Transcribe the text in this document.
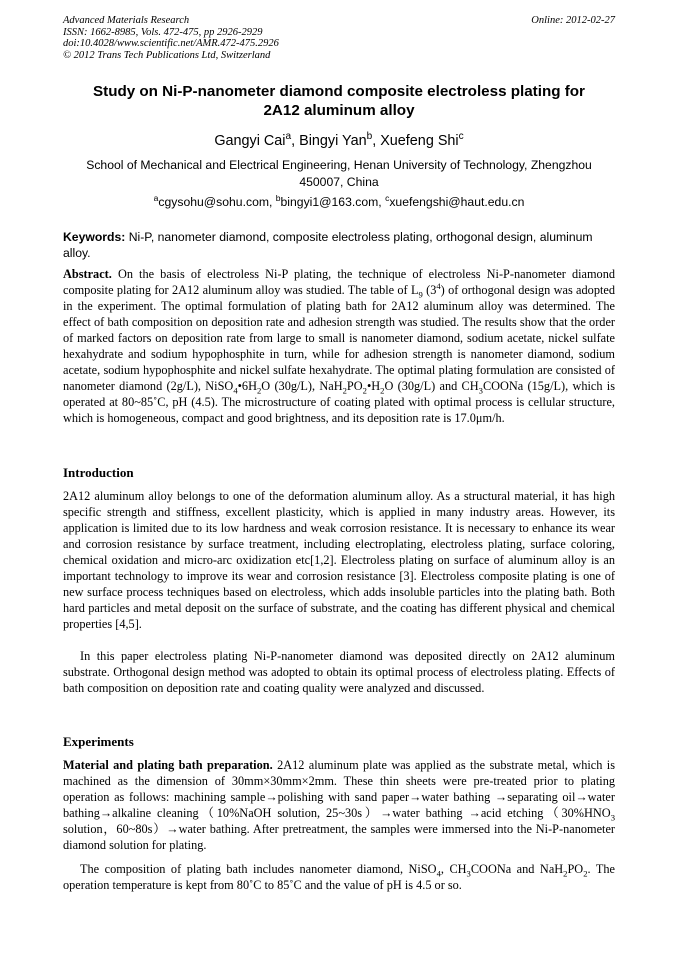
Advanced Materials Research
ISSN: 1662-8985, Vols. 472-475, pp 2926-2929
doi:10.4028/www.scientific.net/AMR.472-475.2926
© 2012 Trans Tech Publications Ltd, Switzerland
Online: 2012-02-27
Study on Ni-P-nanometer diamond composite electroless plating for
2A12 aluminum alloy
Gangyi Cai$^a$, Bingyi Yan$^b$, Xuefeng Shi$^c$
School of Mechanical and Electrical Engineering, Henan University of Technology, Zhengzhou 450007, China
$^a$cgysohu@sohu.com, $^b$bingyi1@163.com, $^c$xuefengshi@haut.edu.cn
Keywords: Ni-P, nanometer diamond, composite electroless plating, orthogonal design, aluminum alloy.
Abstract. On the basis of electroless Ni-P plating, the technique of electroless Ni-P-nanometer diamond composite plating for 2A12 aluminum alloy was studied. The table of $L_9$ $(3^4)$ of orthogonal design was adopted in the experiment. The optimal formulation of plating bath for 2A12 aluminum alloy was determined. The effect of bath composition on deposition rate and adhesion strength was studied. The results show that the order of marked factors on deposition rate from large to small is nanometer diamond, sodium acetate, nickel sulfate hexahydrate and sodium hypophosphite in turn, while for adhesion strength is nanometer diamond, sodium acetate, sodium hypophosphite and nickel sulfate hexahydrate. The optimal plating formulation are consisted of nanometer diamond (2g/L), $NiSO_4•6H_2O$ (30g/L), $NaH_2PO_2•H_2O$ (30g/L) and $CH_3COONa$ (15g/L), which is operated at 80~85˚C, pH (4.5). The microstructure of coating plated with optimal process is cellular structure, which is homogeneous, compact and good brightness, and its deposition rate is 17.0μm/h.
Introduction
2A12 aluminum alloy belongs to one of the deformation aluminum alloy. As a structural material, it has high specific strength and stiffness, excellent plasticity, which is applied in many industry areas. However, its application is limited due to its low hardness and weak corrosion resistance. It is necessary to enhance its wear and corrosion resistance by surface treatment, including electroplating, electroless plating, surface coloring, chemical oxidation and micro-arc oxidization etc[1,2]. Electroless plating on surface of aluminum alloy is an important technology to improve its wear and corrosion resistance [3]. Electroless composite plating is one of new surface process techniques based on electroless, which adds insoluble particles into the plating bath. Both hard particles and metal deposit on the surface of substrate, and the coating has different physical and chemical properties [4,5].
In this paper electroless plating Ni-P-nanometer diamond was deposited directly on 2A12 aluminum substrate. Orthogonal design method was adopted to obtain its optimal process of electroless plating. Effects of bath composition on deposition rate and coating quality were analyzed and discussed.
Experiments
Material and plating bath preparation. 2A12 aluminum plate was applied as the substrate metal, which is machined as the dimension of 30mm×30mm×2mm. These thin sheets were pre-treated prior to plating operation as follows: machining sample→polishing with sand paper→water bathing →separating oil→water bathing→alkaline cleaning（10%NaOH solution, 25~30s）→water bathing →acid $etching(30\%HNO_3$ solution，60~80s）→water bathing. After pretreatment, the samples were immersed into the Ni-P-nanometer diamond solution for plating.
The composition of plating bath includes nanometer diamond, NiSO$_4$, $CH_3COONa$ and $NaH_2PO_2$. The operation temperature is kept from 80˚C to 85˚C and the value of pH is 4.5 or so.
